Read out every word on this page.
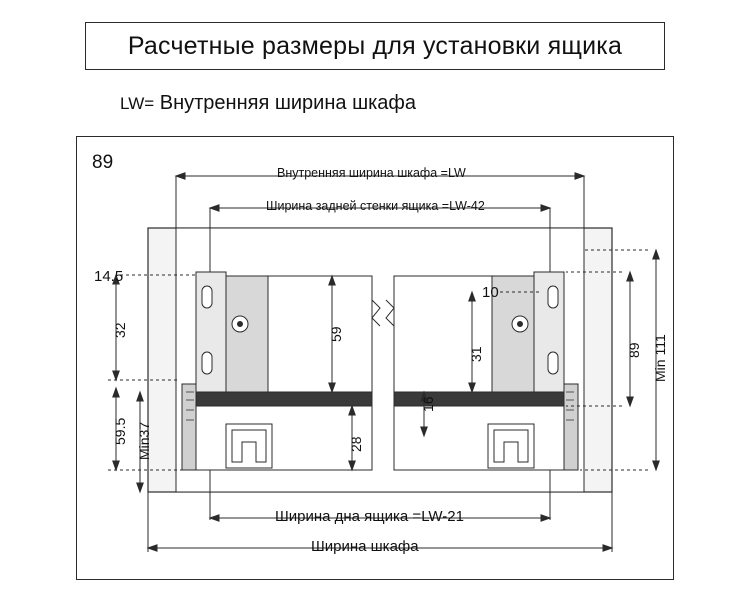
Расчетные размеры для установки ящика
LW= Внутренняя ширина шкафа
89	Внутренняя ширина шкафа =LW
Ширина задней стенки ящика =LW-42
Ширина дна ящика =LW-21
Ширина шкафа
14.5
32
59.5 Min37
59
28
16
31
10
89 Min 111
